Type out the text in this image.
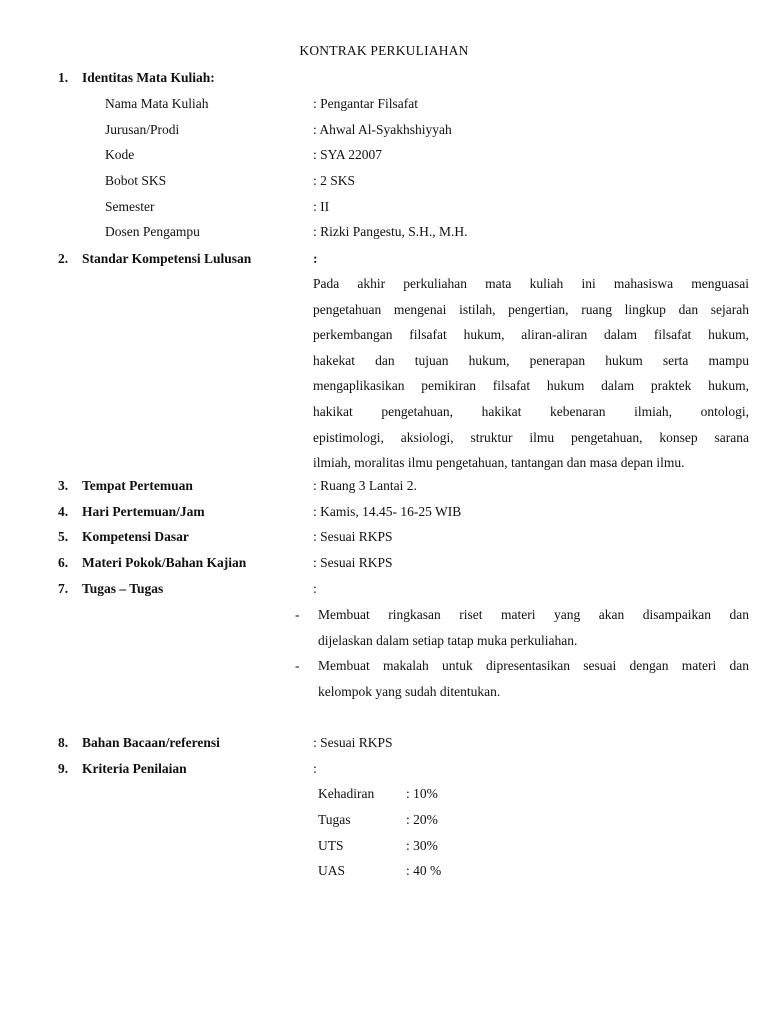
KONTRAK PERKULIAHAN
1. Identitas Mata Kuliah:
Nama Mata Kuliah	: Pengantar Filsafat
Jurusan/Prodi	: Ahwal Al-Syakhshiyyah
Kode	: SYA 22007
Bobot SKS	: 2 SKS
Semester	: II
Dosen Pengampu	: Rizki Pangestu, S.H., M.H.
2. Standar Kompetensi Lulusan	:
Pada akhir perkuliahan mata kuliah ini mahasiswa menguasai
pengetahuan mengenai istilah, pengertian, ruang lingkup dan sejarah
perkembangan filsafat hukum, aliran-aliran dalam filsafat hukum,
hakekat dan tujuan hukum, penerapan hukum serta mampu
mengaplikasikan pemikiran filsafat hukum dalam praktek hukum,
hakikat pengetahuan, hakikat kebenaran ilmiah, ontologi,
epistimologi, aksiologi, struktur ilmu pengetahuan, konsep sarana
ilmiah, moralitas ilmu pengetahuan, tantangan dan masa depan ilmu.
3. Tempat Pertemuan	: Ruang 3 Lantai 2.
4. Hari Pertemuan/Jam	: Kamis, 14.45- 16-25 WIB
5. Kompetensi Dasar	: Sesuai RKPS
6. Materi Pokok/Bahan Kajian	: Sesuai RKPS
7. Tugas – Tugas	:
- Membuat ringkasan riset materi yang akan disampaikan dan
dijelaskan dalam setiap tatap muka perkuliahan.
- Membuat makalah untuk dipresentasikan sesuai dengan materi dan
kelompok yang sudah ditentukan.
8. Bahan Bacaan/referensi	: Sesuai RKPS
9. Kriteria Penilaian	:
Kehadiran : 10%
Tugas	: 20%
UTS	: 30%
UAS	: 40 %
